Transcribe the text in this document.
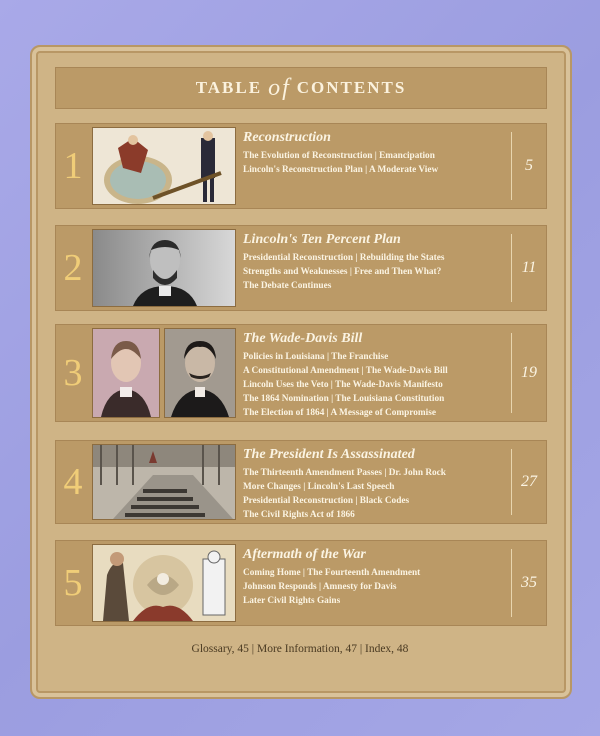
TABLE of CONTENTS
1
Reconstruction
The Evolution of Reconstruction | Emancipation
Lincoln's Reconstruction Plan | A Moderate View	5
2
Lincoln's Ten Percent Plan
Presidential Reconstruction | Rebuilding the States
Strengths and Weaknesses | Free and Then What?
The Debate Continues
11
3
The Wade-Davis Bill
Policies in Louisiana | The Franchise
A Constitutional Amendment | The Wade-Davis Bill
Lincoln Uses the Veto | The Wade-Davis Manifesto
The 1864 Nomination | The Louisiana Constitution
The Election of 1864 | A Message of Compromise
19
4
The President Is Assassinated
The Thirteenth Amendment Passes | Dr. John Rock
More Changes | Lincoln's Last Speech
Presidential Reconstruction | Black Codes
The Civil Rights Act of 1866
27
5
Aftermath of the War
Coming Home | The Fourteenth Amendment
Johnson Responds | Amnesty for Davis
Later Civil Rights Gains
35
Glossary, 45 | More Information, 47 | Index, 48
